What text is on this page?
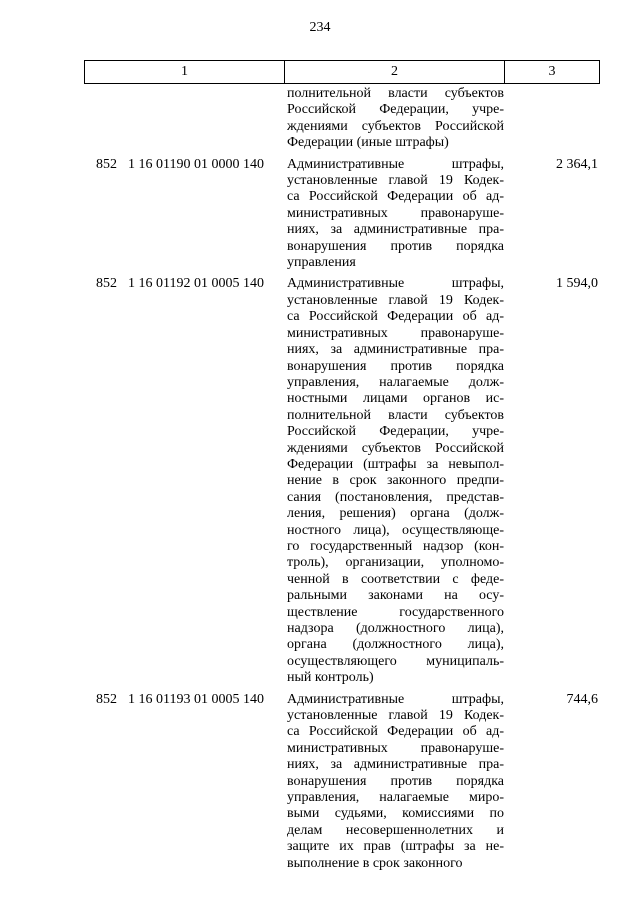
234
1	2	3
полнительной власти субъектов
Российской Федерации, учре-
ждениями субъектов Российской
Федерации (иные штрафы)
852 1 16 01190 01 0000 140 Административные штрафы,
установленные главой 19 Кодек-
са Российской Федерации об ад-
министративных правонаруше-
ниях, за административные пра-
вонарушения против порядка
управления
2 364,1
852 1 16 01192 01 0005 140 Административные штрафы,
установленные главой 19 Кодек-
са Российской Федерации об ад-
министративных правонаруше-
ниях, за административные пра-
вонарушения против порядка
управления, налагаемые долж-
ностными лицами органов ис-
полнительной власти субъектов
Российской Федерации, учре-
ждениями субъектов Российской
Федерации (штрафы за невыпол-
нение в срок законного предпи-
сания (постановления, представ-
ления, решения) органа (долж-
ностного лица), осуществляюще-
го государственный надзор (кон-
троль), организации, уполномо-
ченной в соответствии с феде-
ральными законами на осу-
ществление государственного
надзора (должностного лица),
органа (должностного лица),
осуществляющего муниципаль-
ный контроль)
1 594,0
852 1 16 01193 01 0005 140 Административные штрафы,
установленные главой 19 Кодек-
са Российской Федерации об ад-
министративных правонаруше-
ниях, за административные пра-
вонарушения против порядка
управления, налагаемые миро-
выми судьями, комиссиями по
делам несовершеннолетних и
защите их прав (штрафы за не-
выполнение в срок законного
744,6
